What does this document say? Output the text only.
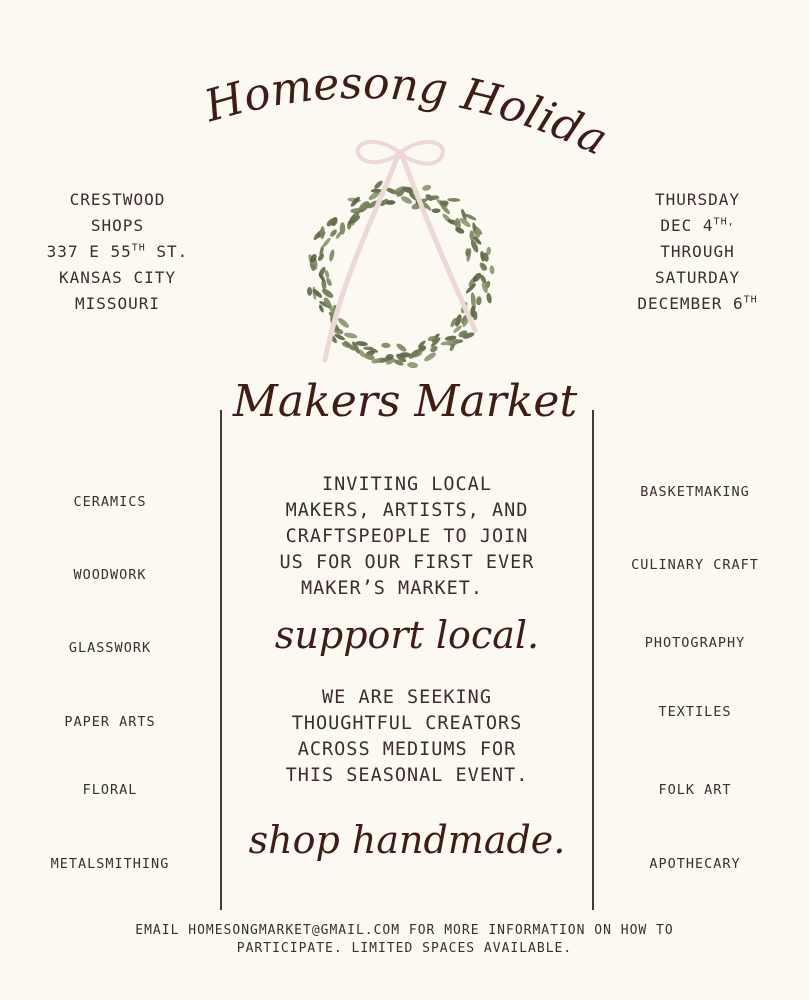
Homesong Holiday
CRESTWOOD
SHOPS
337 E 55TH ST.
KANSAS CITY
MISSOURI
THURSDAY
DEC $4^{TH,}$
THROUGH
SATURDAY
DECEMBER 6TH
Makers Market
CERAMICS
WOODWORK
GLASSWORK
PAPER ARTS
FLORAL
METALSMITHING
BASKETMAKING
CULINARY CRAFT
PHOTOGRAPHY
TEXTILES
FOLK ART
APOTHECARY
INVITING LOCAL
MAKERS, ARTISTS, AND
CRAFTSPEOPLE TO JOIN
US FOR OUR FIRST EVER
MAKER’S MARKET.
support local.
WE ARE SEEKING
THOUGHTFUL CREATORS
ACROSS MEDIUMS FOR
THIS SEASONAL EVENT.
shop handmade.
EMAIL HOMESONGMARKET@GMAIL.COM FOR MORE INFORMATION ON HOW TO
PARTICIPATE. LIMITED SPACES AVAILABLE.
